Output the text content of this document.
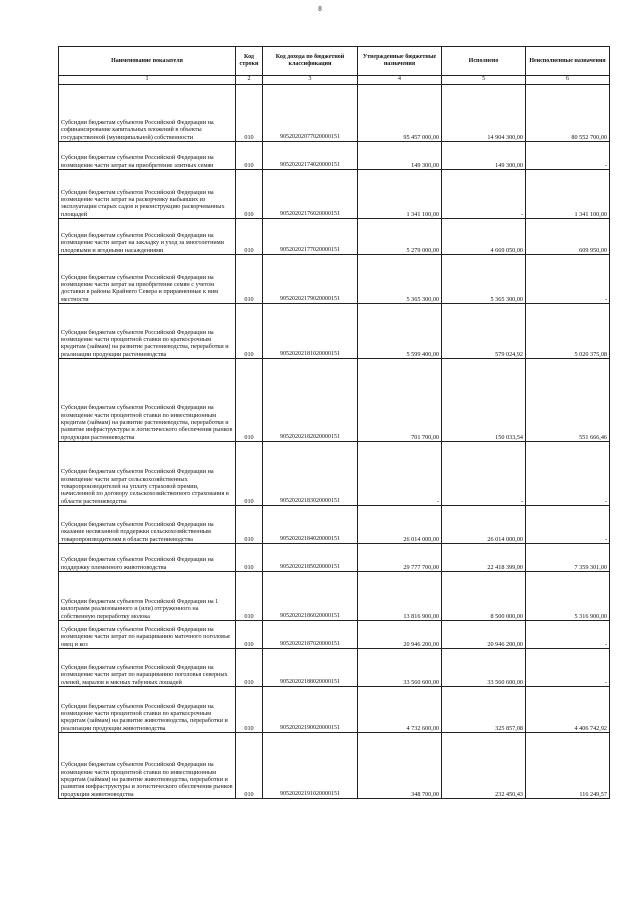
8
Наименование показателя	Код строки	Код дохода по бюджетной классификации	Утвержденные бюджетные назначения	Исполнено	Неисполненные назначения
1	2	3	4	5	6
Субсидии бюджетам субъектов Российской Федерации на софинансирование капитальных вложений в объекты государственной (муниципальной) собственности	010	90520202077020000151	95 457 000,00	14 904 300,00	80 552 700,00
Субсидии бюджетам субъектов Российской Федерации на возмещение части затрат на приобретение элитных семян	010	90520202174020000151	149 300,00	149 300,00	-
Субсидии бюджетам субъектов Российской Федерации на возмещение части затрат на раскорчевку выбывших из эксплуатации старых садов и реконструкцию раскорчеванных площадей	010	90520202176020000151	1 341 100,00	-	1 341 100,00
Субсидии бюджетам субъектов Российской Федерации на возмещение части затрат на закладку и уход за многолетними плодовыми и ягодными насаждениями	010	90520202177020000151	5 279 000,00	4 669 050,00	609 950,00
Субсидии бюджетам субъектов Российской Федерации на возмещение части затрат на приобретение семян с учетом доставки в районы Крайнего Севера и приравненные к ним местности	010	90520202179020000151	5 365 300,00	5 365 300,00	-
Субсидии бюджетам субъектов Российской Федерации на возмещение части процентной ставки по краткосрочным кредитам (займам) на развитие растениеводства, переработки и реализации продукции растениеводства	010	90520202181020000151	5 599 400,00	579 024,92	5 020 375,08
Субсидии бюджетам субъектов Российской Федерации на возмещение части процентной ставки по инвестиционным кредитам (займам) на развитие растениеводства, переработки и развитие инфраструктуры и логистического обеспечения рынков продукции растениеводства	010	90520202182020000151	701 700,00	150 033,54	551 666,46
Субсидии бюджетам субъектов Российской Федерации на возмещение части затрат сельскохозяйственных товаропроизводителей на уплату страховой премии, начисленной по договору сельскохозяйственного страхования в области растениеводства	010	90520202183020000151	-	-	-
Субсидии бюджетам субъектов Российской Федерации на оказание несвязанной поддержки сельскохозяйственным товаропроизводителям в области растениеводства	010	90520202184020000151	26 014 000,00	26 014 000,00	-
Субсидии бюджетам субъектов Российской Федерации на поддержку племенного животноводства	010	90520202185020000151	29 777 700,00	22 418 399,00	7 359 301,00
Субсидии бюджетам субъектов Российской Федерации на 1 килограмм реализованного и (или) отгруженного на собственную переработку молока	010	90520202186020000151	13 816 900,00	8 500 000,00	5 316 900,00
Субсидии бюджетам субъектов Российской Федерации на возмещение части затрат по наращиванию маточного поголовья овец и коз	010	90520202187020000151	20 946 200,00	20 946 200,00	-
Субсидии бюджетам субъектов Российской Федерации на возмещение части затрат по наращиванию поголовья северных оленей, маралов и мясных табунных лошадей	010	90520202188020000151	33 560 600,00	33 560 600,00	-
Субсидии бюджетам субъектов Российской Федерации на возмещение части процентной ставки по краткосрочным кредитам (займам) на развитие животноводства, переработки и реализации продукции животноводства	010	90520202190020000151	4 732 600,00	325 857,08	4 406 742,92
Субсидии бюджетам субъектов Российской Федерации на возмещение части процентной ставки по инвестиционным кредитам (займам) на развитие животноводства, переработки и развития инфраструктуры и логистического обеспечения рынков продукции животноводства	010	90520202191020000151	348 700,00	232 450,43	116 249,57
